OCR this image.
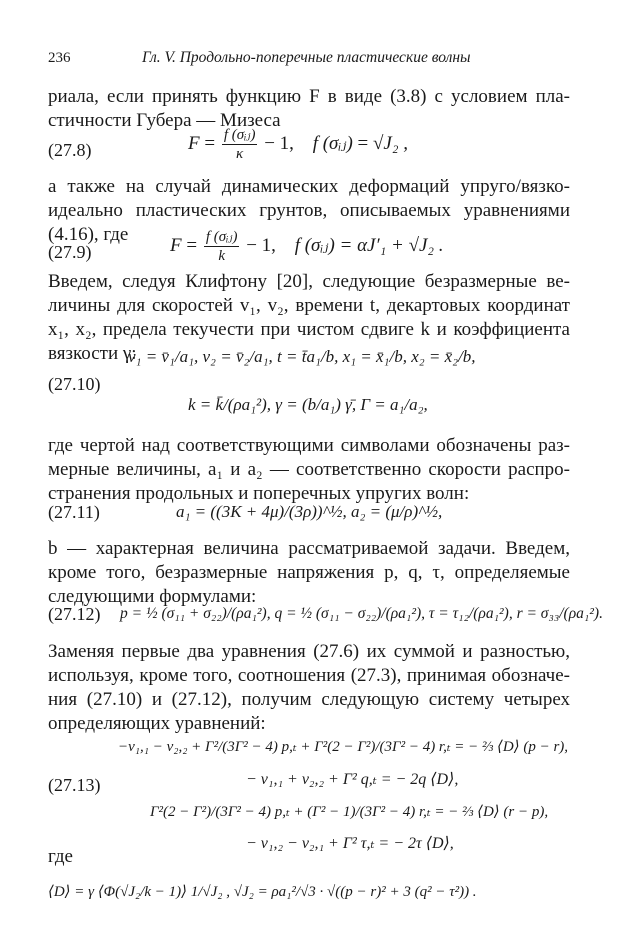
236	Гл. V. Продольно-поперечные пластические волны
риала, если принять функцию F в виде (3.8) с условием пла-
стичности Губера — Мизеса
(27.8)	$F = \frac{\text{f (σᵢⱼ)}}{\kappa} - 1$, f (σᵢⱼ) = √J₂ ,
а также на случай динамических деформаций упруго/вязко-
идеально пластических грунтов, описываемых уравнениями
(4.16), где
(27.9)	$F = \frac{\text{f (σᵢⱼ)}}{k} - 1$, f (σᵢⱼ) = αJ′₁ + √J₂ .
Введем, следуя Клифтону [20], следующие безразмерные ве-
личины для скоростей v₁, v₂, времени t, декартовых координат
x₁, x₂, предела текучести при чистом сдвиге k и коэффициента
вязкости γ:
(27.10)
v₁ = v̄₁/a₁, v₂ = v̄₂/a₁, t = t̄a₁/b, x₁ = x̄₁/b, x₂ = x̄₂/b,
k = k̄/(ρa₁²), γ = (b/a₁) γ̄, Γ = a₁/a₂,
где чертой над соответствующими символами обозначены раз-
мерные величины, a₁ и a₂ — соответственно скорости распро-
странения продольных и поперечных упругих волн:
(27.11)	a₁ = ((3K + 4μ)/(3ρ))^½, a₂ = (μ/ρ)^½,
b — характерная величина рассматриваемой задачи. Введем,
кроме того, безразмерные напряжения p, q, τ, определяемые
следующими формулами:
(27.12) p = ½ (σ₁₁ + σ₂₂)/(ρa₁²), q = ½ (σ₁₁ − σ₂₂)/(ρa₁²), τ = τ₁₂/(ρa₁²), r = σ₃₃/(ρa₁²).
Заменяя первые два уравнения (27.6) их суммой и разностью,
используя, кроме того, соотношения (27.3), принимая обозначе-
ния (27.10) и (27.12), получим следующую систему четырех
определяющих уравнений:
(27.13)
−v₁,₁ − v₂,₂ + Γ²/(3Γ² − 4) p,ₜ + Γ²(2 − Γ²)/(3Γ² − 4) r,ₜ = − ⅔ ⟨D⟩ (p − r),
− v₁,₁ + v₂,₂ + Γ² q,ₜ = − 2q ⟨D⟩,
Γ²(2 − Γ²)/(3Γ² − 4) p,ₜ + (Γ² − 1)/(3Γ² − 4) r,ₜ = − ⅔ ⟨D⟩ (r − p),
− v₁,₂ − v₂,₁ + Γ² τ,ₜ = − 2τ ⟨D⟩,
где
⟨D⟩ = γ ⟨Φ(√J₂/k − 1)⟩ 1/√J₂ , √J₂ = ρa₁²/√3 · √((p − r)² + 3 (q² − τ²)) .
